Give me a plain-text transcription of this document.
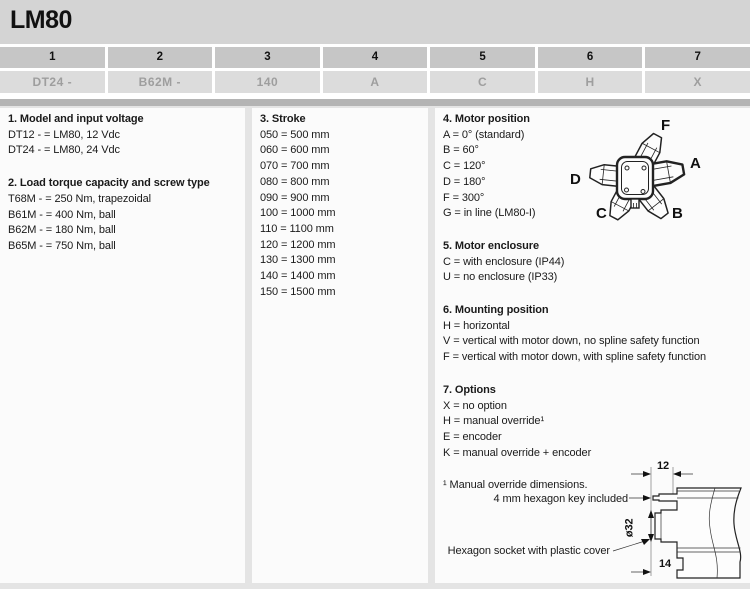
LM80
1	2	3	4	5	6	7
DT24 -	B62M -	140	A	C	H	X
1. Model and input voltage
DT12 - = LM80, 12 Vdc
DT24 - = LM80, 24 Vdc
2. Load torque capacity and screw type
T68M - = 250 Nm, trapezoidal
B61M - = 400 Nm, ball
B62M - = 180 Nm, ball
B65M - = 750 Nm, ball
3. Stroke
050 = 500 mm
060 = 600 mm
070 = 700 mm
080 = 800 mm
090 = 900 mm
100 = 1000 mm
110 = 1100 mm
120 = 1200 mm
130 = 1300 mm
140 = 1400 mm
150 = 1500 mm
4. Motor position
A = 0° (standard)
B = 60°
C = 120°
D = 180°
F = 300°
G = in line (LM80-I)
F
A
D
C	B
5. Motor enclosure
C = with enclosure (IP44)
U = no enclosure (IP33)
6. Mounting position
H = horizontal
V = vertical with motor down, no spline safety function
F = vertical with motor down, with spline safety function
7. Options
X = no option
H = manual override¹
E = encoder
K = manual override + encoder
¹ Manual override dimensions.
4 mm hexagon key included
Hexagon socket with plastic cover
12
14
ø32
